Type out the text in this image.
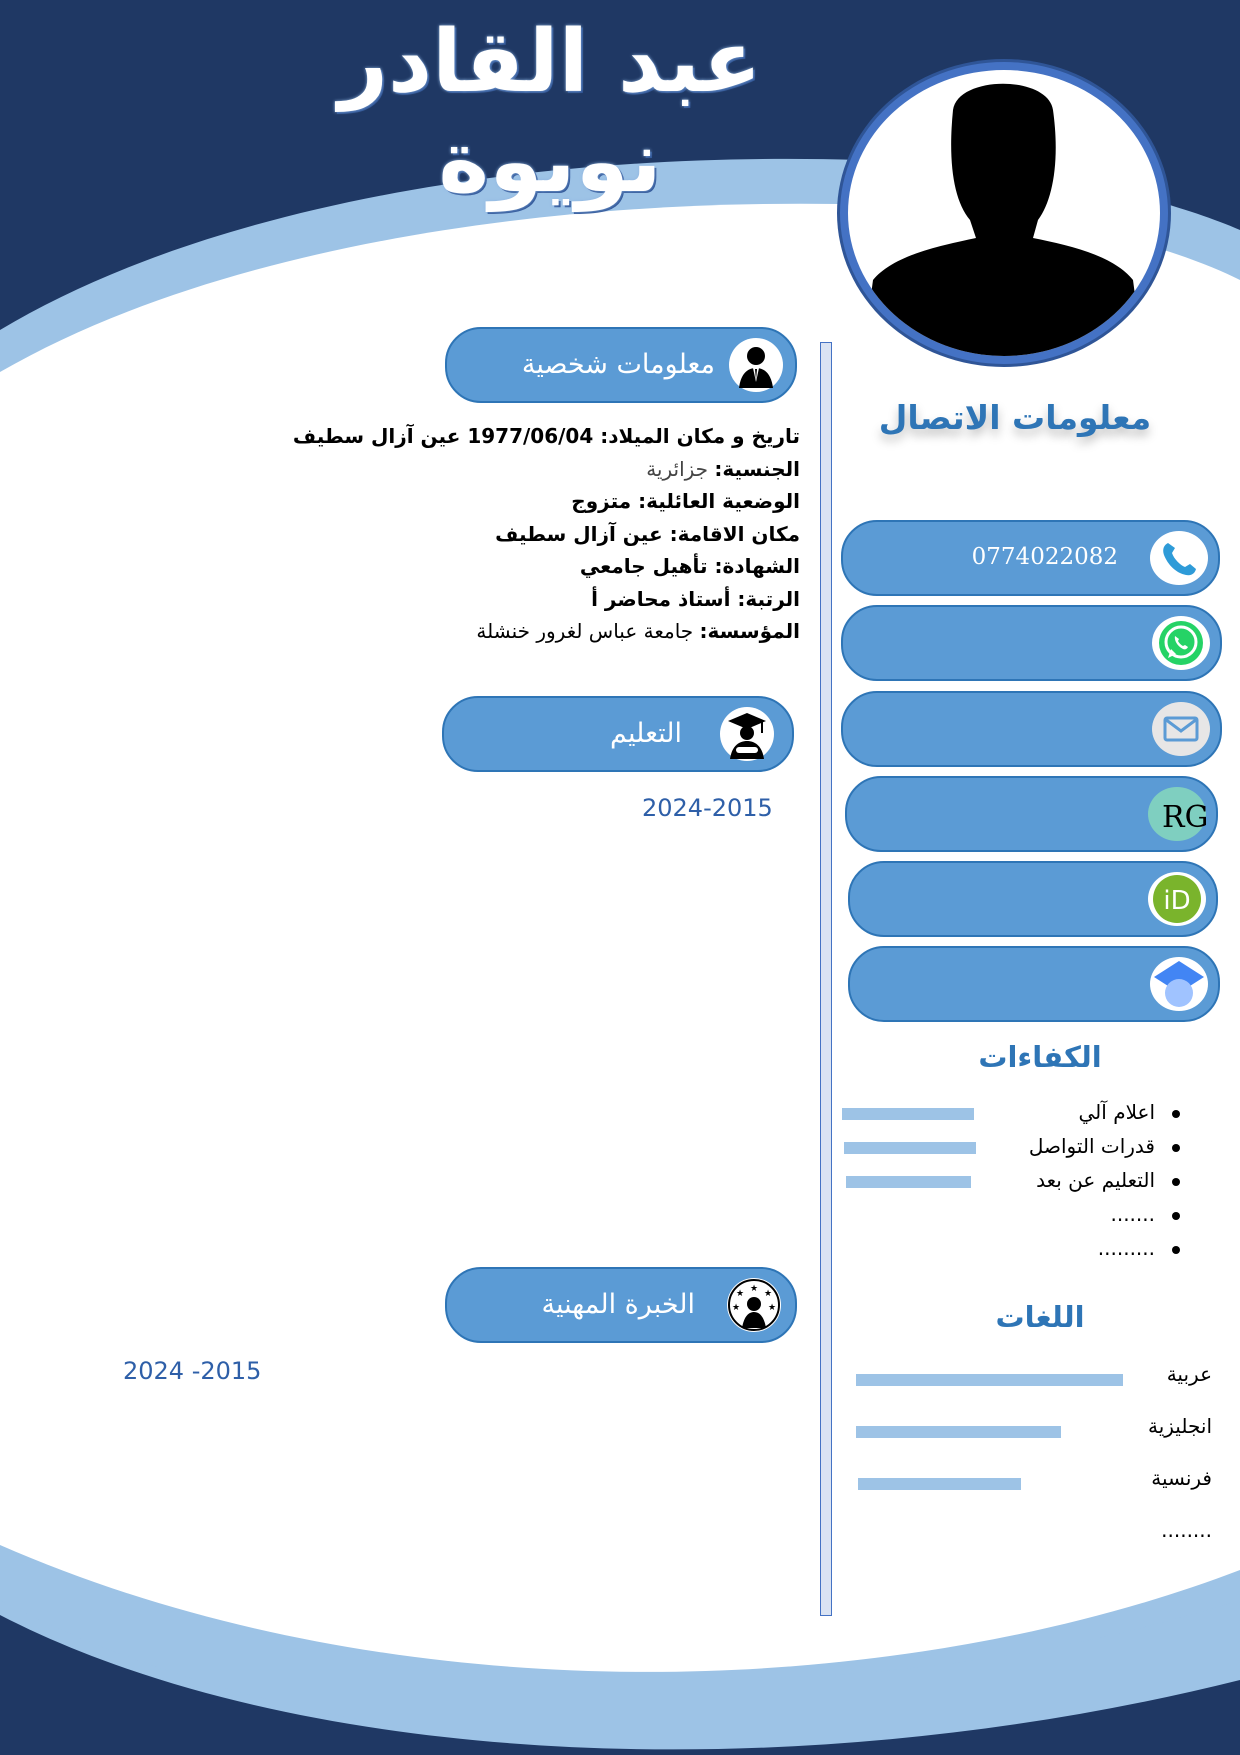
عبد القادر نويوة
معلومات شخصية
تاريخ و مكان الميلاد: 1977/06/04 عين آزال سطيف
الجنسية: جزائرية
الوضعية العائلية: متزوج
مكان الاقامة: عين آزال سطيف
الشهادة: تأهيل جامعي
الرتبة: أستاذ محاضر أ
المؤسسة: جامعة عباس لغرور خنشلة
التعليم
2024-2015
الخبرة المهنية	★
★ ★
★	★
2024 -2015
معلومات الاتصال
0774022082
RG
iD
الكفاءات
اعلام آلي
قدرات التواصل
التعليم عن بعد
.......
.........
اللغات
عربية
انجليزية
فرنسية
........
